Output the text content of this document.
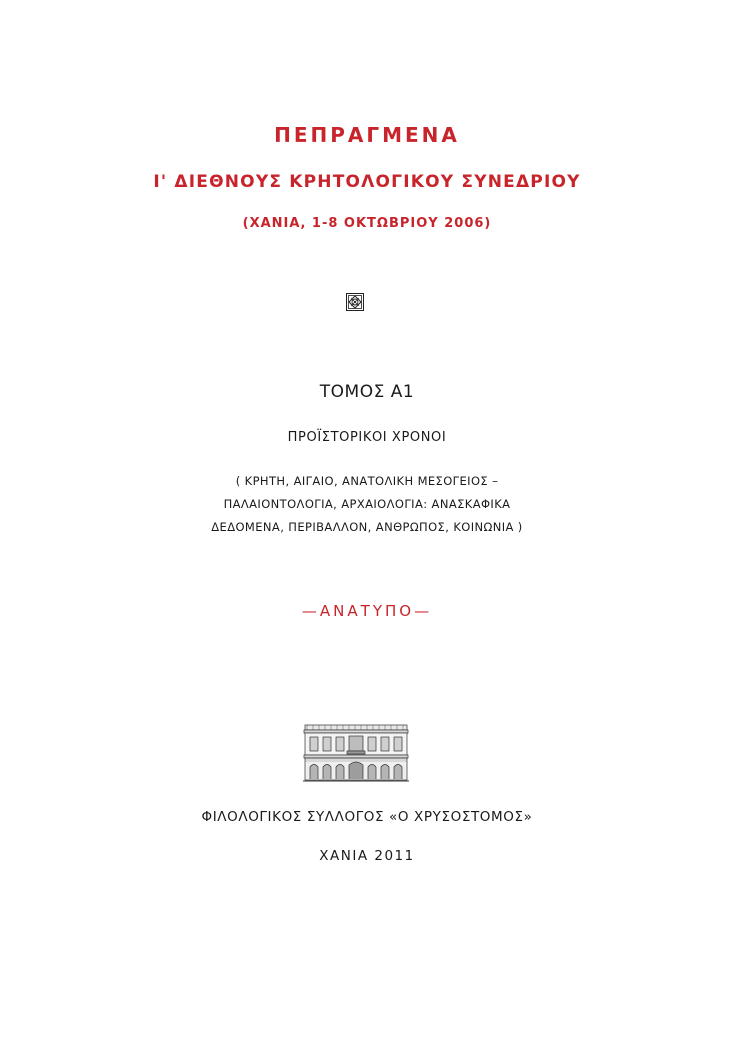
ΠΕΠΡΑΓΜΕΝΑ
Ι' ΔΙΕΘΝΟΥΣ ΚΡΗΤΟΛΟΓΙΚΟΥ ΣΥΝΕΔΡΙΟΥ
(ΧΑΝΙΑ, 1-8 ΟΚΤΩΒΡΙΟΥ 2006)
ΤΟΜΟΣ Α1
ΠΡΟΪΣΤΟΡΙΚΟΙ ΧΡΟΝΟΙ
( ΚΡΗΤΗ, ΑΙΓΑΙΟ, ΑΝΑΤΟΛΙΚΗ ΜΕΣΟΓΕΙΟΣ –
ΠΑΛΑΙΟΝΤΟΛΟΓΙΑ, ΑΡΧΑΙΟΛΟΓΙΑ: ΑΝΑΣΚΑΦΙΚΑ
ΔΕΔΟΜΕΝΑ, ΠΕΡΙΒΑΛΛΟΝ, ΑΝΘΡΩΠΟΣ, ΚΟΙΝΩΝΙΑ )
—ΑΝΑΤΥΠΟ—
ΦΙΛΟΛΟΓΙΚΟΣ ΣΥΛΛΟΓΟΣ «Ο ΧΡΥΣΟΣΤΟΜΟΣ»
ΧΑΝΙΑ 2011
